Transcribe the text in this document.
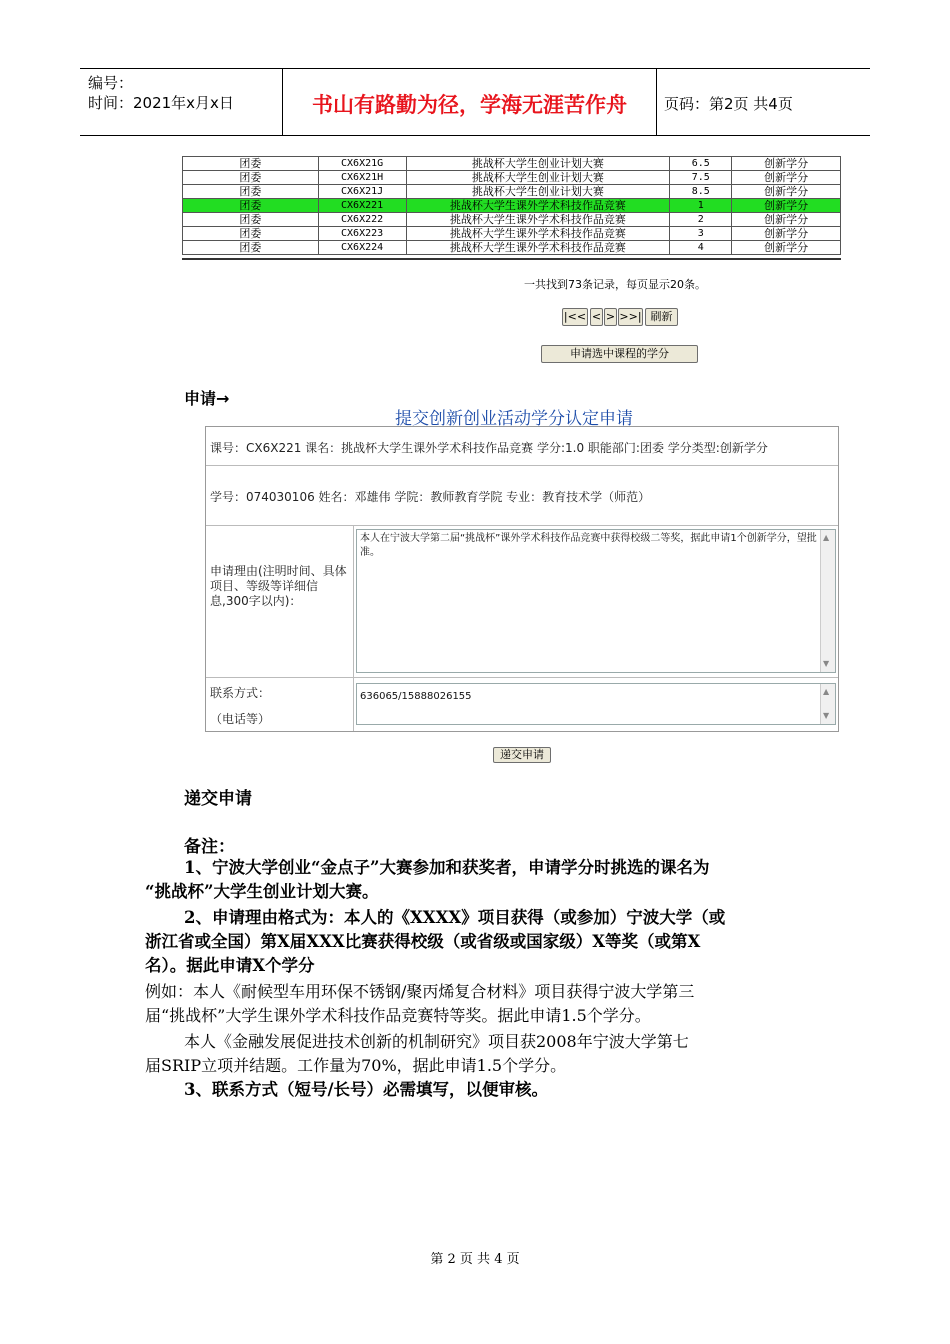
编号：
时间：2021年x月x日	书山有路勤为径，学海无涯苦作舟	页码：第2页 共4页
团委	CX6X21G	挑战杯大学生创业计划大赛	6.5	创新学分
团委	CX6X21H	挑战杯大学生创业计划大赛	7.5	创新学分
团委	CX6X21J	挑战杯大学生创业计划大赛	8.5	创新学分
团委	CX6X221	挑战杯大学生课外学术科技作品竞赛	1	创新学分
团委	CX6X222	挑战杯大学生课外学术科技作品竞赛	2	创新学分
团委	CX6X223	挑战杯大学生课外学术科技作品竞赛	3	创新学分
团委	CX6X224	挑战杯大学生课外学术科技作品竞赛	4	创新学分
一共找到73条记录，每页显示20条。
|<< < > >>| 刷新
申请选中课程的学分
申请→
提交创新创业活动学分认定申请
课号：CX6X221 课名：挑战杯大学生课外学术科技作品竞赛 学分:1.0 职能部门:团委 学分类型:创新学分
学号：074030106 姓名：邓雄伟 学院：教师教育学院 专业：教育技术学（师范）
申请理由(注明时间、具体项目、等级等详细信息,300字以内)：
本人在宁波大学第二届“挑战杯”课外学术科技作品竞赛中获得校级二等奖，据此申请1个创新学分，望批准。
▲
▼
联系方式：
（电话等）
636065/15888026155	▲
▼
递交申请
递交申请
备注：
1、宁波大学创业“金点子”大赛参加和获奖者，申请学分时挑选的课名为
“挑战杯”大学生创业计划大赛。
2、申请理由格式为：本人的《XXXX》项目获得（或参加）宁波大学（或
浙江省或全国）第X届XXX比赛获得校级（或省级或国家级）X等奖（或第X
名）。据此申请X个学分
例如：本人《耐候型车用环保不锈钢/聚丙烯复合材料》项目获得宁波大学第三
届“挑战杯”大学生课外学术科技作品竞赛特等奖。据此申请1.5个学分。
本人《金融发展促进技术创新的机制研究》项目获2008年宁波大学第七
届SRIP立项并结题。工作量为70%，据此申请1.5个学分。
3、联系方式（短号/长号）必需填写，以便审核。
第 2 页 共 4 页
